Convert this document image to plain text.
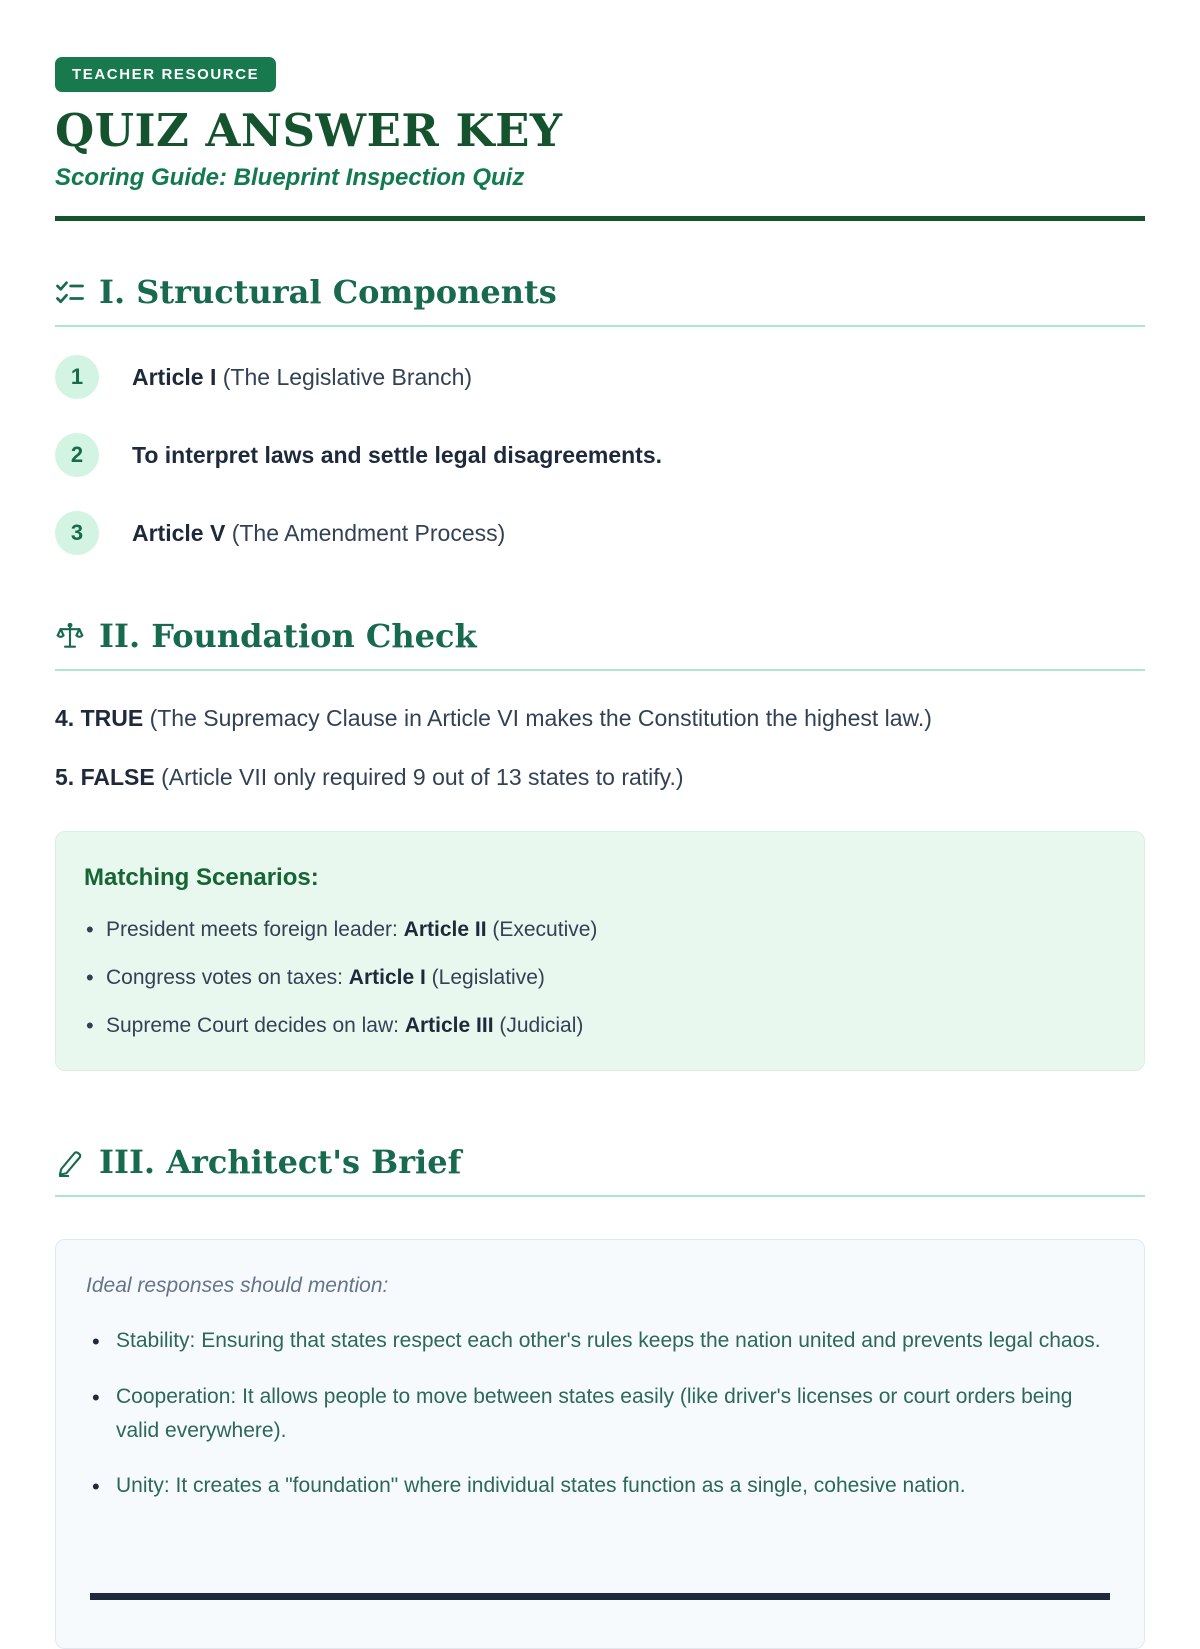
TEACHER RESOURCE
QUIZ ANSWER KEY
Scoring Guide: Blueprint Inspection Quiz
I. Structural Components
1	Article I (The Legislative Branch)
2	To interpret laws and settle legal disagreements.
3	Article V (The Amendment Process)
II. Foundation Check

4. TRUE (The Supremacy Clause in Article VI makes the Constitution the highest law.)

5. FALSE (Article VII only required 9 out of 13 states to ratify.)

Matching Scenarios:
• President meets foreign leader: Article II (Executive)
• Congress votes on taxes: Article I (Legislative)
• Supreme Court decides on law: Article III (Judicial)
III. Architect's Brief

Ideal responses should mention:

• Stability: Ensuring that states respect each other's rules keeps the nation united and prevents legal chaos.
• Cooperation: It allows people to move between states easily (like driver's licenses or court orders being valid everywhere).
• Unity: It creates a "foundation" where individual states function as a single, cohesive nation.
